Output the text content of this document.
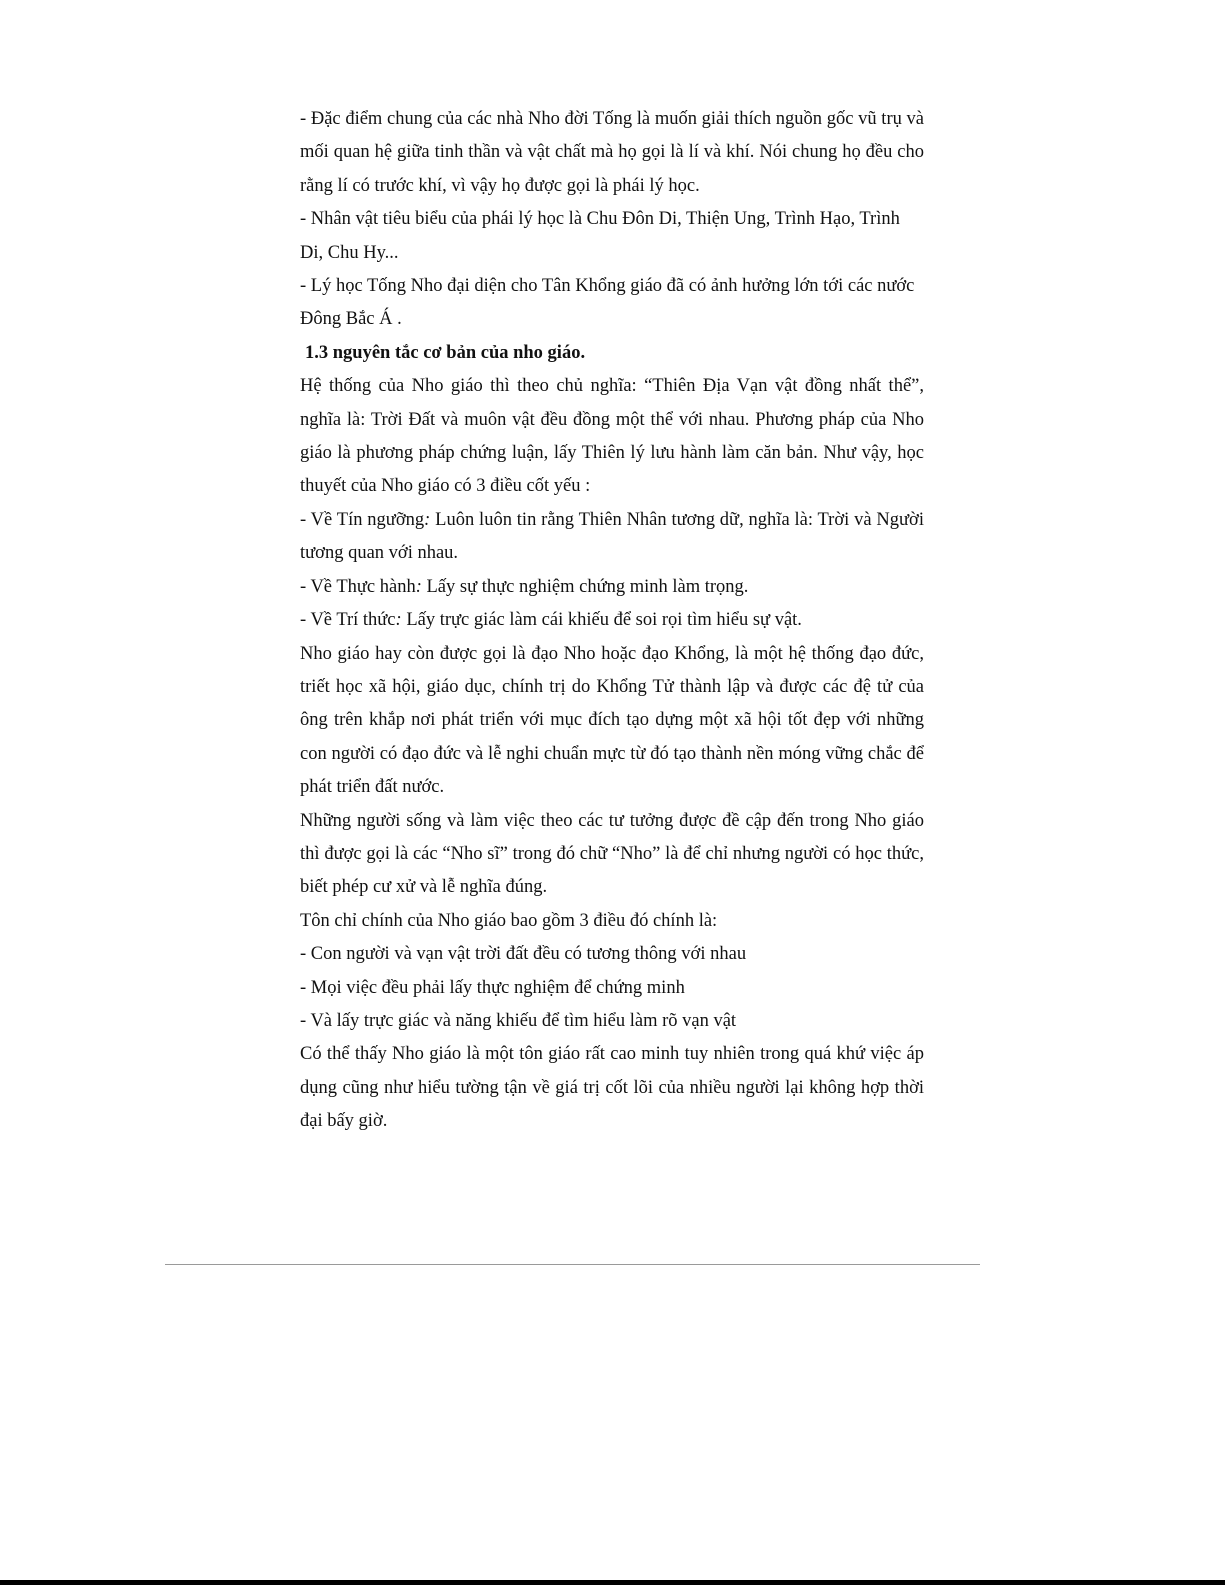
- Đặc điểm chung của các nhà Nho đời Tống là muốn giải thích nguồn gốc vũ trụ và mối quan hệ giữa tinh thần và vật chất mà họ gọi là lí và khí. Nói chung họ đều cho rằng lí có trước khí, vì vậy họ được gọi là phái lý học.

- Nhân vật tiêu biểu của phái lý học là Chu Đôn Di, Thiện Ung, Trình Hạo, Trình Di, Chu Hy...

- Lý học Tống Nho đại diện cho Tân Khổng giáo đã có ảnh hưởng lớn tới các nước Đông Bắc Á .

1.3 nguyên tắc cơ bản của nho giáo.

Hệ thống của Nho giáo thì theo chủ nghĩa: “Thiên Địa Vạn vật đồng nhất thể”, nghĩa là: Trời Đất và muôn vật đều đồng một thể với nhau. Phương pháp của Nho giáo là phương pháp chứng luận, lấy Thiên lý lưu hành làm căn bản. Như vậy, học thuyết của Nho giáo có 3 điều cốt yếu :

- Về Tín ngưỡng: Luôn luôn tin rằng Thiên Nhân tương dữ, nghĩa là: Trời và Người tương quan với nhau.

- Về Thực hành: Lấy sự thực nghiệm chứng minh làm trọng.

- Về Trí thức: Lấy trực giác làm cái khiếu để soi rọi tìm hiểu sự vật.

Nho giáo hay còn được gọi là đạo Nho hoặc đạo Khổng, là một hệ thống đạo đức, triết học xã hội, giáo dục, chính trị do Khổng Tử thành lập và được các đệ tử của ông trên khắp nơi phát triển với mục đích tạo dựng một xã hội tốt đẹp với những con người có đạo đức và lễ nghi chuẩn mực từ đó tạo thành nền móng vững chắc để phát triển đất nước.

Những người sống và làm việc theo các tư tưởng được đề cập đến trong Nho giáo thì được gọi là các “Nho sĩ” trong đó chữ “Nho” là để chỉ nhưng người có học thức, biết phép cư xử và lễ nghĩa đúng.

Tôn chỉ chính của Nho giáo bao gồm 3 điều đó chính là:

- Con người và vạn vật trời đất đều có tương thông với nhau

- Mọi việc đều phải lấy thực nghiệm để chứng minh

- Và lấy trực giác và năng khiếu để tìm hiểu làm rõ vạn vật

Có thể thấy Nho giáo là một tôn giáo rất cao minh tuy nhiên trong quá khứ việc áp dụng cũng như hiểu tường tận về giá trị cốt lõi của nhiều người lại không hợp thời đại bấy giờ.
